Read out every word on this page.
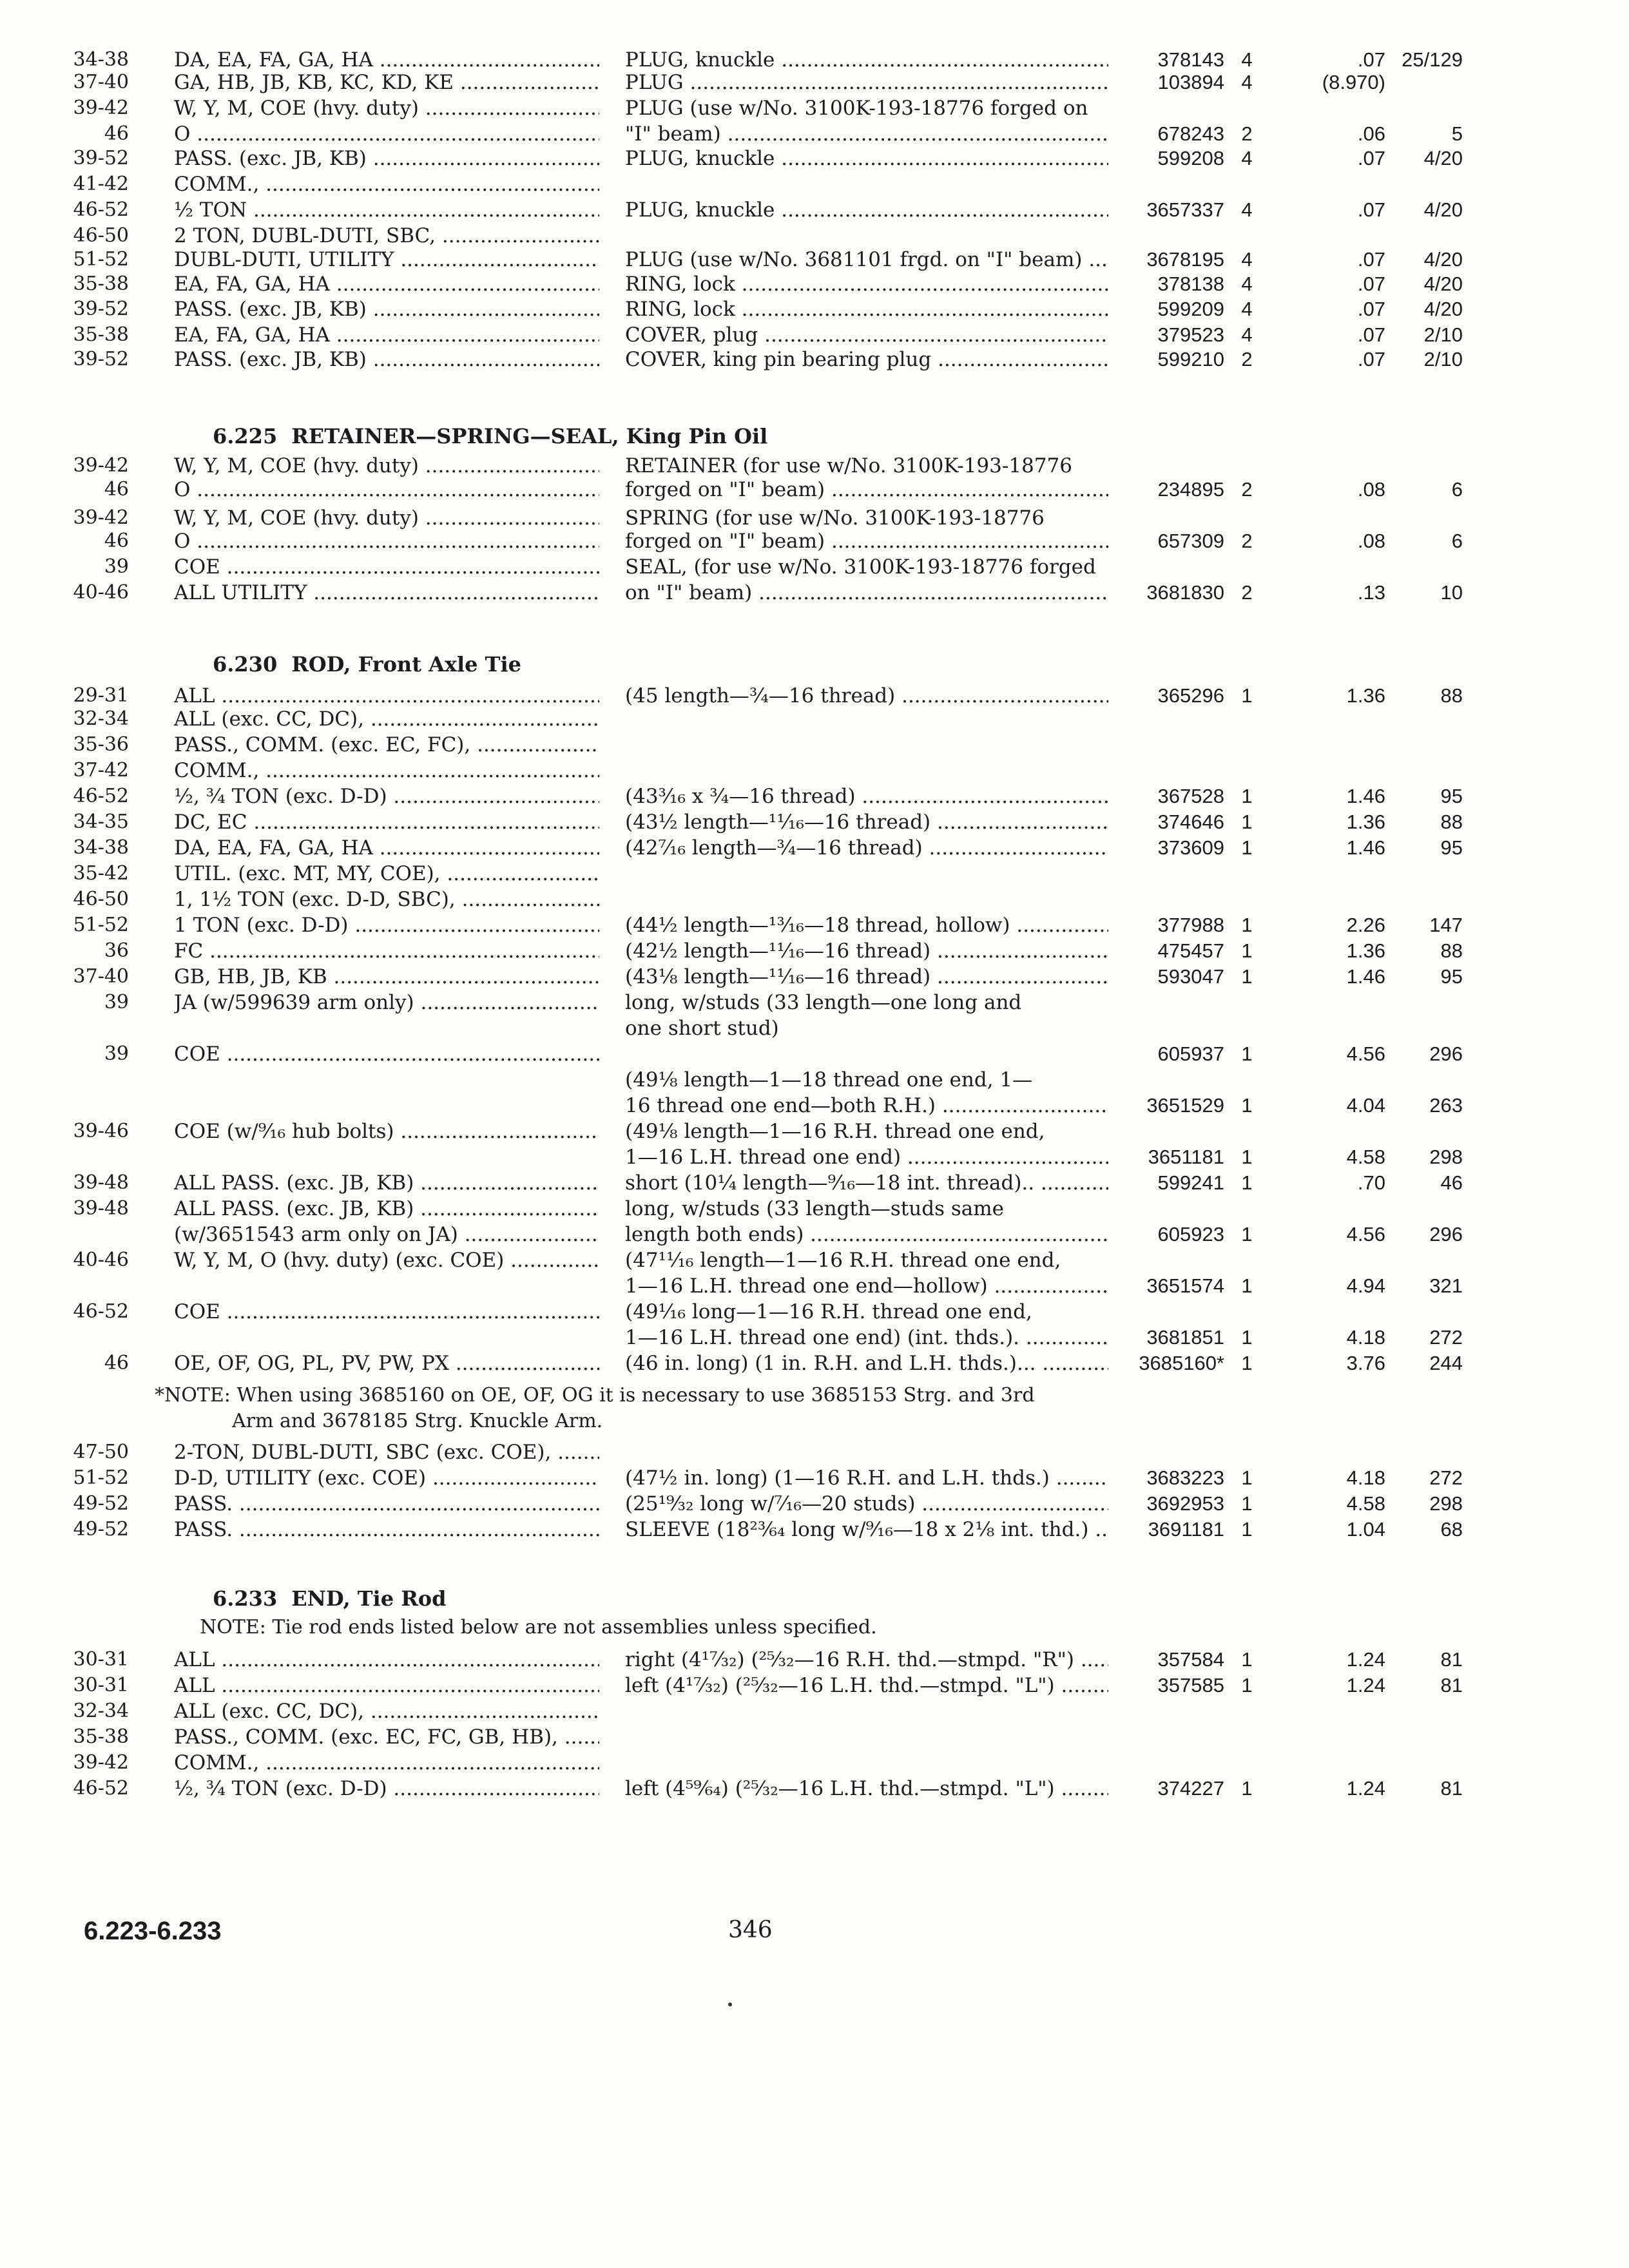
6.223-6.233	346
34-38 DA, EA, FA, GA, HA .....	PLUG, knuckle .....	378143 4	.07 25/129
37-40 GA, HB, JB, KB, KC, KD, KE .....	PLUG .....	103894 4	(8.970)
39-42 W, Y, M, COE (hvy. duty) .....	PLUG (use w/No. 3100K-193-18776 forged on
46 O .....	"I" beam) .....	678243 2	.06	5
39-52 PASS. (exc. JB, KB) .....	PLUG, knuckle .....	599208 4	.07	4/20
41-42 COMM., .....
46-52 ½ TON .....	PLUG, knuckle .....	3657337 4	.07	4/20
46-50 2 TON, DUBL-DUTI, SBC, .....
51-52 DUBL-DUTI, UTILITY .....	PLUG (use w/No. 3681101 frgd. on "I" beam) .....	3678195 4	.07	4/20
35-38 EA, FA, GA, HA .....	RING, lock .....	378138 4	.07	4/20
39-52 PASS. (exc. JB, KB) .....	RING, lock .....	599209 4	.07	4/20
35-38 EA, FA, GA, HA .....	COVER, plug .....	379523 4	.07	2/10
39-52 PASS. (exc. JB, KB) .....	COVER, king pin bearing plug .....	599210 2	.07	2/10
6.225 RETAINER—SPRING—SEAL, King Pin Oil
39-42 W, Y, M, COE (hvy. duty) .....	RETAINER (for use w/No. 3100K-193-18776
46 O .....	forged on "I" beam) .....	234895 2	.08	6
39-42 W, Y, M, COE (hvy. duty) .....	SPRING (for use w/No. 3100K-193-18776
46 O .....	forged on "I" beam) .....	657309 2	.08	6
39 COE .....	SEAL, (for use w/No. 3100K-193-18776 forged
40-46 ALL UTILITY .....	on "I" beam) .....	3681830 2	.13	10
6.230 ROD, Front Axle Tie
29-31 ALL .....	(45 length—¾—16 thread) .....	365296 1	1.36	88
32-34 ALL (exc. CC, DC), .....
35-36 PASS., COMM. (exc. EC, FC), .....
37-42 COMM., .....
46-52 ½, ¾ TON (exc. D-D) .....	(43³⁄₁₆ x ¾—16 thread) .....	367528 1	1.46	95
34-35 DC, EC .....	(43½ length—¹¹⁄₁₆—16 thread) .....	374646 1	1.36	88
34-38 DA, EA, FA, GA, HA .....	(42⁷⁄₁₆ length—¾—16 thread) .....	373609 1	1.46	95
35-42 UTIL. (exc. MT, MY, COE), .....
46-50 1, 1½ TON (exc. D-D, SBC), .....
51-52 1 TON (exc. D-D) .....	(44½ length—¹³⁄₁₆—18 thread, hollow) .....	377988 1	2.26	147
36 FC .....	(42½ length—¹¹⁄₁₆—16 thread) .....	475457 1	1.36	88
37-40 GB, HB, JB, KB .....	(43⅛ length—¹¹⁄₁₆—16 thread) .....	593047 1	1.46	95
39 JA (w/599639 arm only) .....	long, w/studs (33 length—one long and
one short stud)
39 COE .....	605937 1	4.56	296
(49⅛ length—1—18 thread one end, 1—
16 thread one end—both R.H.) .....	3651529 1	4.04	263
39-46 COE (w/⁹⁄₁₆ hub bolts) .....	(49⅛ length—1—16 R.H. thread one end,
1—16 L.H. thread one end) .....	3651181 1	4.58	298
39-48 ALL PASS. (exc. JB, KB) .....	short (10¼ length—⁹⁄₁₆—18 int. thread).. .....	599241 1	.70	46
39-48 ALL PASS. (exc. JB, KB) .....	long, w/studs (33 length—studs same
(w/3651543 arm only on JA) .....	length both ends) .....	605923 1	4.56	296
40-46 W, Y, M, O (hvy. duty) (exc. COE) .....	(47¹¹⁄₁₆ length—1—16 R.H. thread one end,
1—16 L.H. thread one end—hollow) .....	3651574 1	4.94	321
46-52 COE .....	(49¹⁄₁₆ long—1—16 R.H. thread one end,
1—16 L.H. thread one end) (int. thds.). .....	3681851 1	4.18	272
46 OE, OF, OG, PL, PV, PW, PX .....	(46 in. long) (1 in. R.H. and L.H. thds.)... .....	3685160* 1	3.76	244
*NOTE: When using 3685160 on OE, OF, OG it is necessary to use 3685153 Strg. and 3rd
Arm and 3678185 Strg. Knuckle Arm.
47-50 2-TON, DUBL-DUTI, SBC (exc. COE), .....
51-52 D-D, UTILITY (exc. COE) .....	(47½ in. long) (1—16 R.H. and L.H. thds.) .....	3683223 1	4.18	272
49-52 PASS. .....	(25¹⁹⁄₃₂ long w/⁷⁄₁₆—20 studs) .....	3692953 1	4.58	298
49-52 PASS. .....	SLEEVE (18²³⁄₆₄ long w/⁹⁄₁₆—18 x 2⅛ int. thd.) .....	3691181 1	1.04	68
6.233 END, Tie Rod
NOTE: Tie rod ends listed below are not assemblies unless specified.
30-31 ALL .....	right (4¹⁷⁄₃₂) (²⁵⁄₃₂—16 R.H. thd.—stmpd. "R") .....	357584 1	1.24	81
30-31 ALL .....	left (4¹⁷⁄₃₂) (²⁵⁄₃₂—16 L.H. thd.—stmpd. "L") .....	357585 1	1.24	81
32-34 ALL (exc. CC, DC), .....
35-38 PASS., COMM. (exc. EC, FC, GB, HB), .....
39-42 COMM., .....
46-52 ½, ¾ TON (exc. D-D) .....	left (4⁵⁹⁄₆₄) (²⁵⁄₃₂—16 L.H. thd.—stmpd. "L") .....	374227 1	1.24	81
